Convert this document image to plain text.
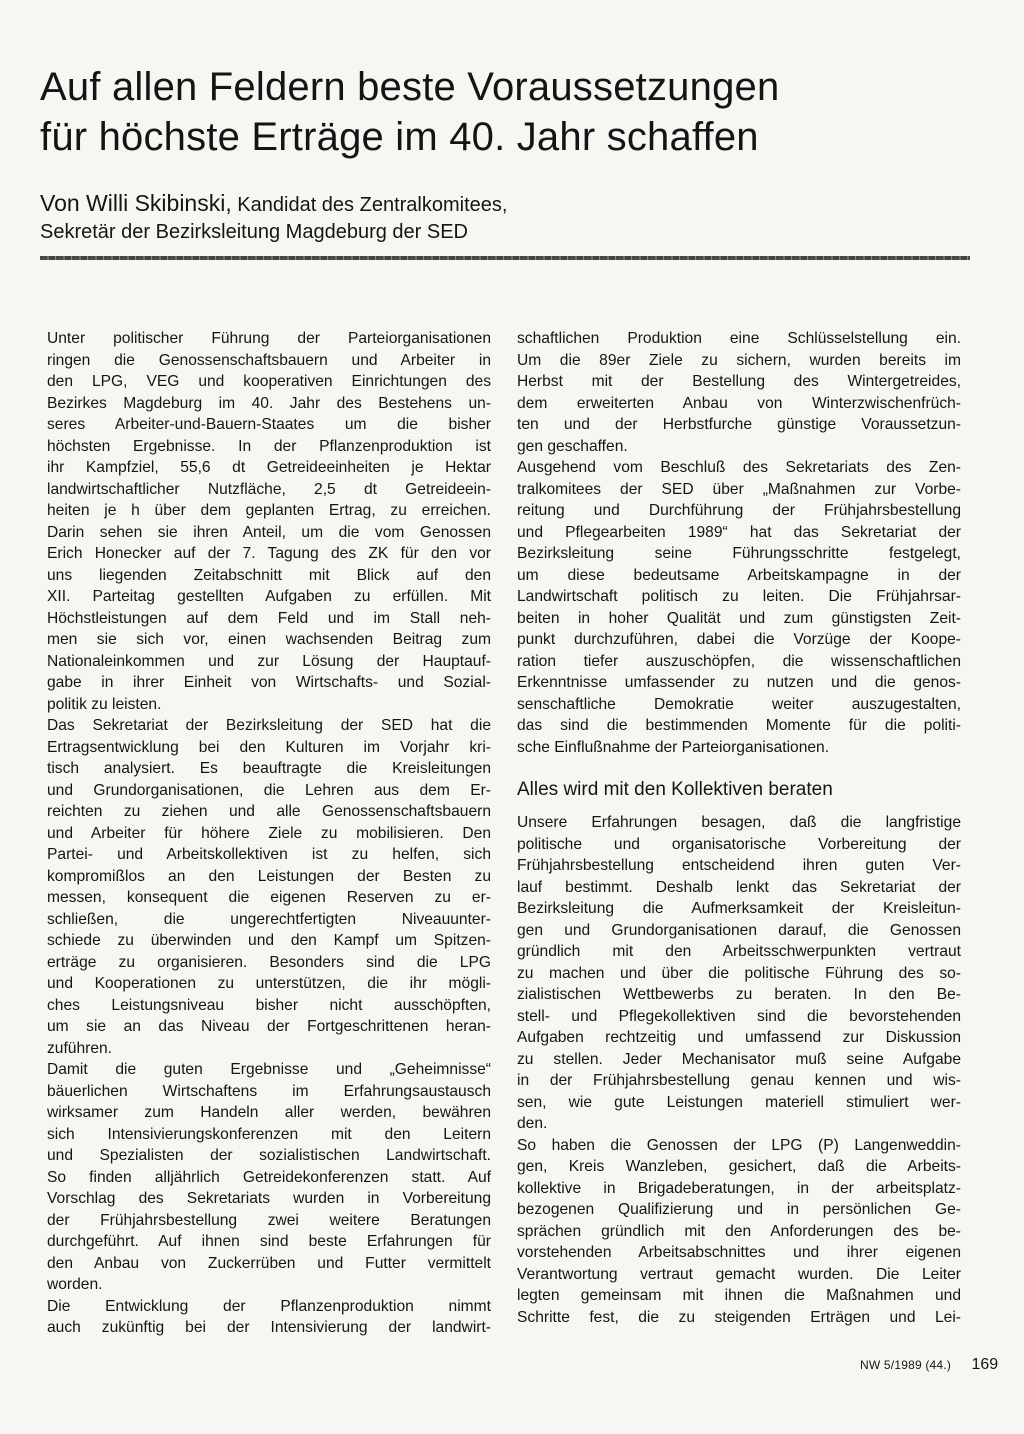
Auf allen Feldern beste Voraussetzungen
für höchste Erträge im 40. Jahr schaffen
Von Willi Skibinski, Kandidat des Zentralkomitees,
Sekretär der Bezirksleitung Magdeburg der SED
Unter politischer Führung der Parteiorganisationen
ringen die Genossenschaftsbauern und Arbeiter in
den LPG, VEG und kooperativen Einrichtungen des
Bezirkes Magdeburg im 40. Jahr des Bestehens un-
seres Arbeiter-und-Bauern-Staates um die bisher
höchsten Ergebnisse. In der Pflanzenproduktion ist
ihr Kampfziel, 55,6 dt Getreideeinheiten je Hektar
landwirtschaftlicher Nutzfläche, 2,5 dt Getreideein-
heiten je h über dem geplanten Ertrag, zu erreichen.
Darin sehen sie ihren Anteil, um die vom Genossen
Erich Honecker auf der 7. Tagung des ZK für den vor
uns liegenden Zeitabschnitt mit Blick auf den
XII. Parteitag gestellten Aufgaben zu erfüllen. Mit
Höchstleistungen auf dem Feld und im Stall neh-
men sie sich vor, einen wachsenden Beitrag zum
Nationaleinkommen und zur Lösung der Hauptauf-
gabe in ihrer Einheit von Wirtschafts- und Sozial-
politik zu leisten.
Das Sekretariat der Bezirksleitung der SED hat die
Ertragsentwicklung bei den Kulturen im Vorjahr kri-
tisch analysiert. Es beauftragte die Kreisleitungen
und Grundorganisationen, die Lehren aus dem Er-
reichten zu ziehen und alle Genossenschaftsbauern
und Arbeiter für höhere Ziele zu mobilisieren. Den
Partei- und Arbeitskollektiven ist zu helfen, sich
kompromißlos an den Leistungen der Besten zu
messen, konsequent die eigenen Reserven zu er-
schließen, die ungerechtfertigten Niveauunter-
schiede zu überwinden und den Kampf um Spitzen-
erträge zu organisieren. Besonders sind die LPG
und Kooperationen zu unterstützen, die ihr mögli-
ches Leistungsniveau bisher nicht ausschöpften,
um sie an das Niveau der Fortgeschrittenen heran-
zuführen.
Damit die guten Ergebnisse und „Geheimnisse“
bäuerlichen Wirtschaftens im Erfahrungsaustausch
wirksamer zum Handeln aller werden, bewähren
sich Intensivierungskonferenzen mit den Leitern
und Spezialisten der sozialistischen Landwirtschaft.
So finden alljährlich Getreidekonferenzen statt. Auf
Vorschlag des Sekretariats wurden in Vorbereitung
der Frühjahrsbestellung zwei weitere Beratungen
durchgeführt. Auf ihnen sind beste Erfahrungen für
den Anbau von Zuckerrüben und Futter vermittelt
worden.
Die Entwicklung der Pflanzenproduktion nimmt
auch zukünftig bei der Intensivierung der landwirt-
schaftlichen Produktion eine Schlüsselstellung ein.
Um die 89er Ziele zu sichern, wurden bereits im
Herbst mit der Bestellung des Wintergetreides,
dem erweiterten Anbau von Winterzwischenfrüch-
ten und der Herbstfurche günstige Voraussetzun-
gen geschaffen.
Ausgehend vom Beschluß des Sekretariats des Zen-
tralkomitees der SED über „Maßnahmen zur Vorbe-
reitung und Durchführung der Frühjahrsbestellung
und Pflegearbeiten 1989“ hat das Sekretariat der
Bezirksleitung seine Führungsschritte festgelegt,
um diese bedeutsame Arbeitskampagne in der
Landwirtschaft politisch zu leiten. Die Frühjahrsar-
beiten in hoher Qualität und zum günstigsten Zeit-
punkt durchzuführen, dabei die Vorzüge der Koope-
ration tiefer auszuschöpfen, die wissenschaftlichen
Erkenntnisse umfassender zu nutzen und die genos-
senschaftliche Demokratie weiter auszugestalten,
das sind die bestimmenden Momente für die politi-
sche Einflußnahme der Parteiorganisationen.
Alles wird mit den Kollektiven beraten
Unsere Erfahrungen besagen, daß die langfristige
politische und organisatorische Vorbereitung der
Frühjahrsbestellung entscheidend ihren guten Ver-
lauf bestimmt. Deshalb lenkt das Sekretariat der
Bezirksleitung die Aufmerksamkeit der Kreisleitun-
gen und Grundorganisationen darauf, die Genossen
gründlich mit den Arbeitsschwerpunkten vertraut
zu machen und über die politische Führung des so-
zialistischen Wettbewerbs zu beraten. In den Be-
stell- und Pflegekollektiven sind die bevorstehenden
Aufgaben rechtzeitig und umfassend zur Diskussion
zu stellen. Jeder Mechanisator muß seine Aufgabe
in der Frühjahrsbestellung genau kennen und wis-
sen, wie gute Leistungen materiell stimuliert wer-
den.
So haben die Genossen der LPG (P) Langenweddin-
gen, Kreis Wanzleben, gesichert, daß die Arbeits-
kollektive in Brigadeberatungen, in der arbeitsplatz-
bezogenen Qualifizierung und in persönlichen Ge-
sprächen gründlich mit den Anforderungen des be-
vorstehenden Arbeitsabschnittes und ihrer eigenen
Verantwortung vertraut gemacht wurden. Die Leiter
legten gemeinsam mit ihnen die Maßnahmen und
Schritte fest, die zu steigenden Erträgen und Lei-
NW 5/1989 (44.) 169
